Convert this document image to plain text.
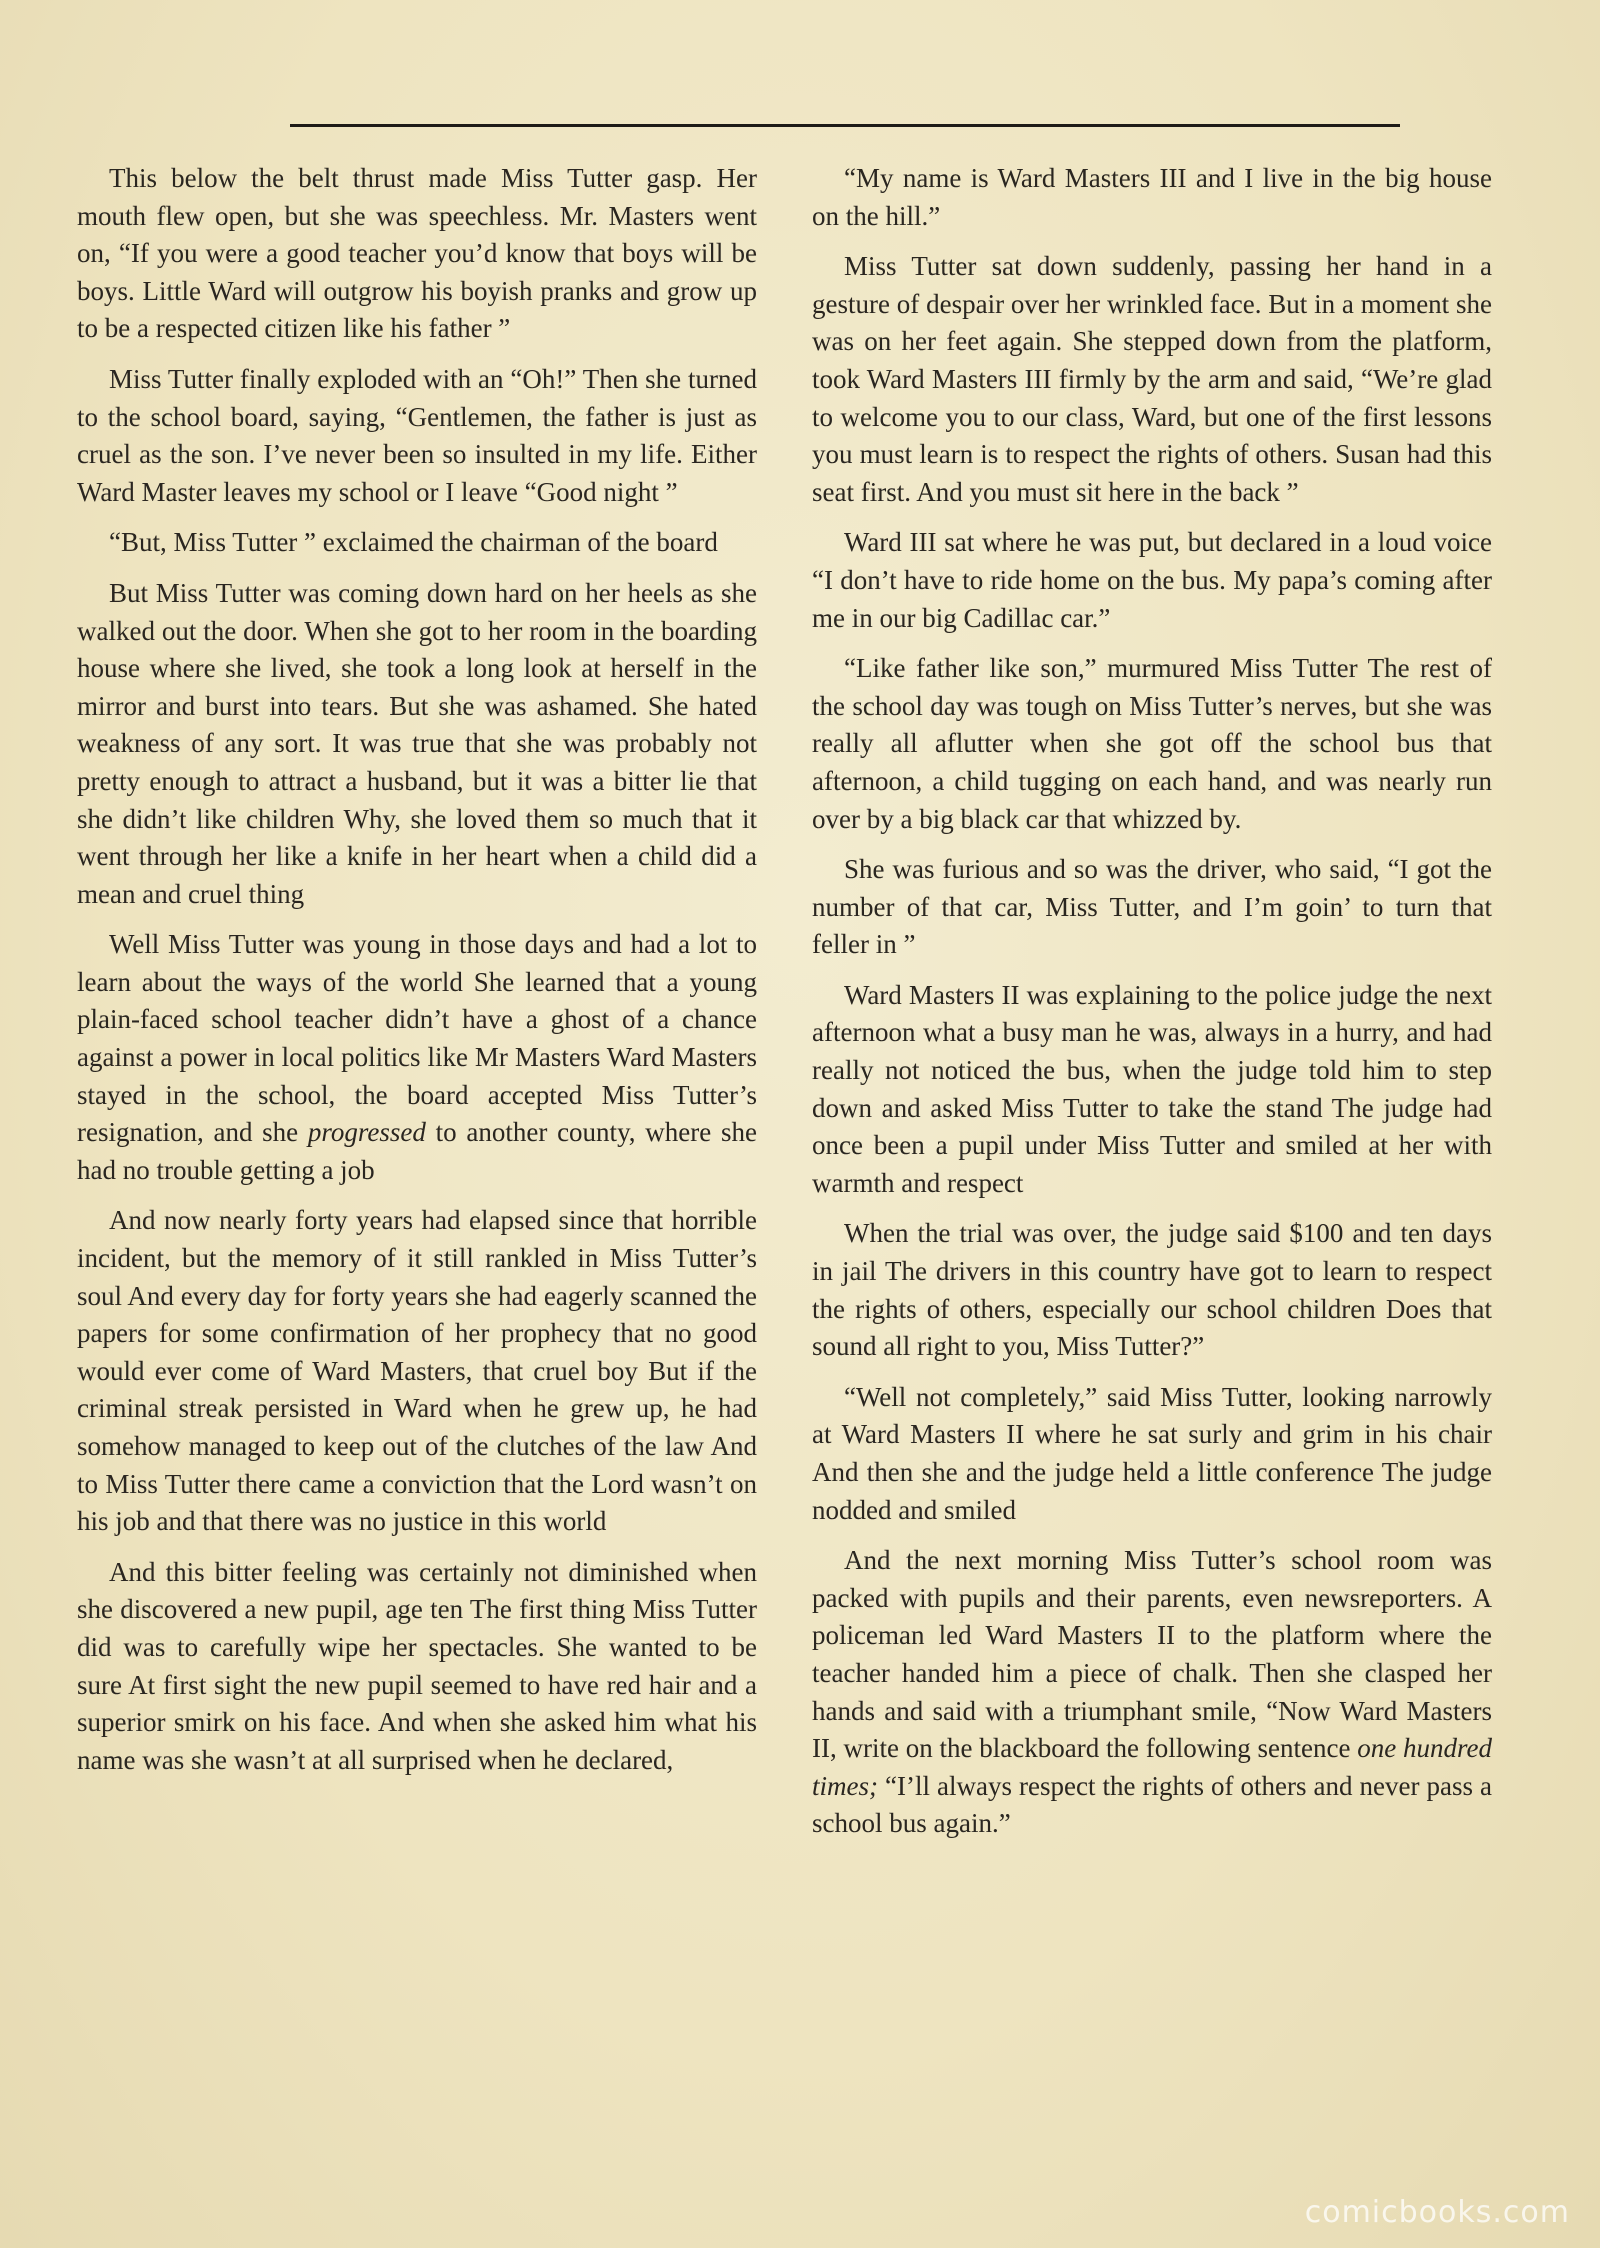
This below the belt thrust made Miss Tutter gasp. Her mouth flew open, but she was speechless. Mr. Masters went on, “If you were a good teacher you’d know that boys will be boys. Little Ward will outgrow his boyish pranks and grow up to be a respected citizen like his father ”

Miss Tutter finally exploded with an “Oh!” Then she turned to the school board, saying, “Gentlemen, the father is just as cruel as the son. I’ve never been so insulted in my life. Either Ward Master leaves my school or I leave “Good night ”

“But, Miss Tutter ” exclaimed the chairman of the board

But Miss Tutter was coming down hard on her heels as she walked out the door. When she got to her room in the boarding house where she lived, she took a long look at herself in the mirror and burst into tears. But she was ashamed. She hated weakness of any sort. It was true that she was probably not pretty enough to attract a husband, but it was a bitter lie that she didn’t like children Why, she loved them so much that it went through her like a knife in her heart when a child did a mean and cruel thing

Well Miss Tutter was young in those days and had a lot to learn about the ways of the world She learned that a young plain-faced school teacher didn’t have a ghost of a chance against a power in local politics like Mr Masters Ward Masters stayed in the school, the board accepted Miss Tutter’s resignation, and she progressed to another county, where she had no trouble getting a job

And now nearly forty years had elapsed since that horrible incident, but the memory of it still rankled in Miss Tutter’s soul And every day for forty years she had eagerly scanned the papers for some confirmation of her prophecy that no good would ever come of Ward Masters, that cruel boy But if the criminal streak persisted in Ward when he grew up, he had somehow managed to keep out of the clutches of the law And to Miss Tutter there came a conviction that the Lord wasn’t on his job and that there was no justice in this world

And this bitter feeling was certainly not diminished when she discovered a new pupil, age ten The first thing Miss Tutter did was to carefully wipe her spectacles. She wanted to be sure At first sight the new pupil seemed to have red hair and a superior smirk on his face. And when she asked him what his name was she wasn’t at all surprised when he declared,

“My name is Ward Masters III and I live in the big house on the hill.”

Miss Tutter sat down suddenly, passing her hand in a gesture of despair over her wrinkled face. But in a moment she was on her feet again. She stepped down from the platform, took Ward Masters III firmly by the arm and said, “We’re glad to welcome you to our class, Ward, but one of the first lessons you must learn is to respect the rights of others. Susan had this seat first. And you must sit here in the back ”

Ward III sat where he was put, but declared in a loud voice “I don’t have to ride home on the bus. My papa’s coming after me in our big Cadillac car.”

“Like father like son,” murmured Miss Tutter The rest of the school day was tough on Miss Tutter’s nerves, but she was really all aflutter when she got off the school bus that afternoon, a child tugging on each hand, and was nearly run over by a big black car that whizzed by.

She was furious and so was the driver, who said, “I got the number of that car, Miss Tutter, and I’m goin’ to turn that feller in ”

Ward Masters II was explaining to the police judge the next afternoon what a busy man he was, always in a hurry, and had really not noticed the bus, when the judge told him to step down and asked Miss Tutter to take the stand The judge had once been a pupil under Miss Tutter and smiled at her with warmth and respect

When the trial was over, the judge said $100 and ten days in jail The drivers in this country have got to learn to respect the rights of others, especially our school children Does that sound all right to you, Miss Tutter?”

“Well not completely,” said Miss Tutter, looking narrowly at Ward Masters II where he sat surly and grim in his chair And then she and the judge held a little conference The judge nodded and smiled

And the next morning Miss Tutter’s school room was packed with pupils and their parents, even newsreporters. A policeman led Ward Masters II to the platform where the teacher handed him a piece of chalk. Then she clasped her hands and said with a triumphant smile, “Now Ward Masters II, write on the blackboard the following sentence one hundred times; “I’ll always respect the rights of others and never pass a school bus again.”

comicbooks.com
